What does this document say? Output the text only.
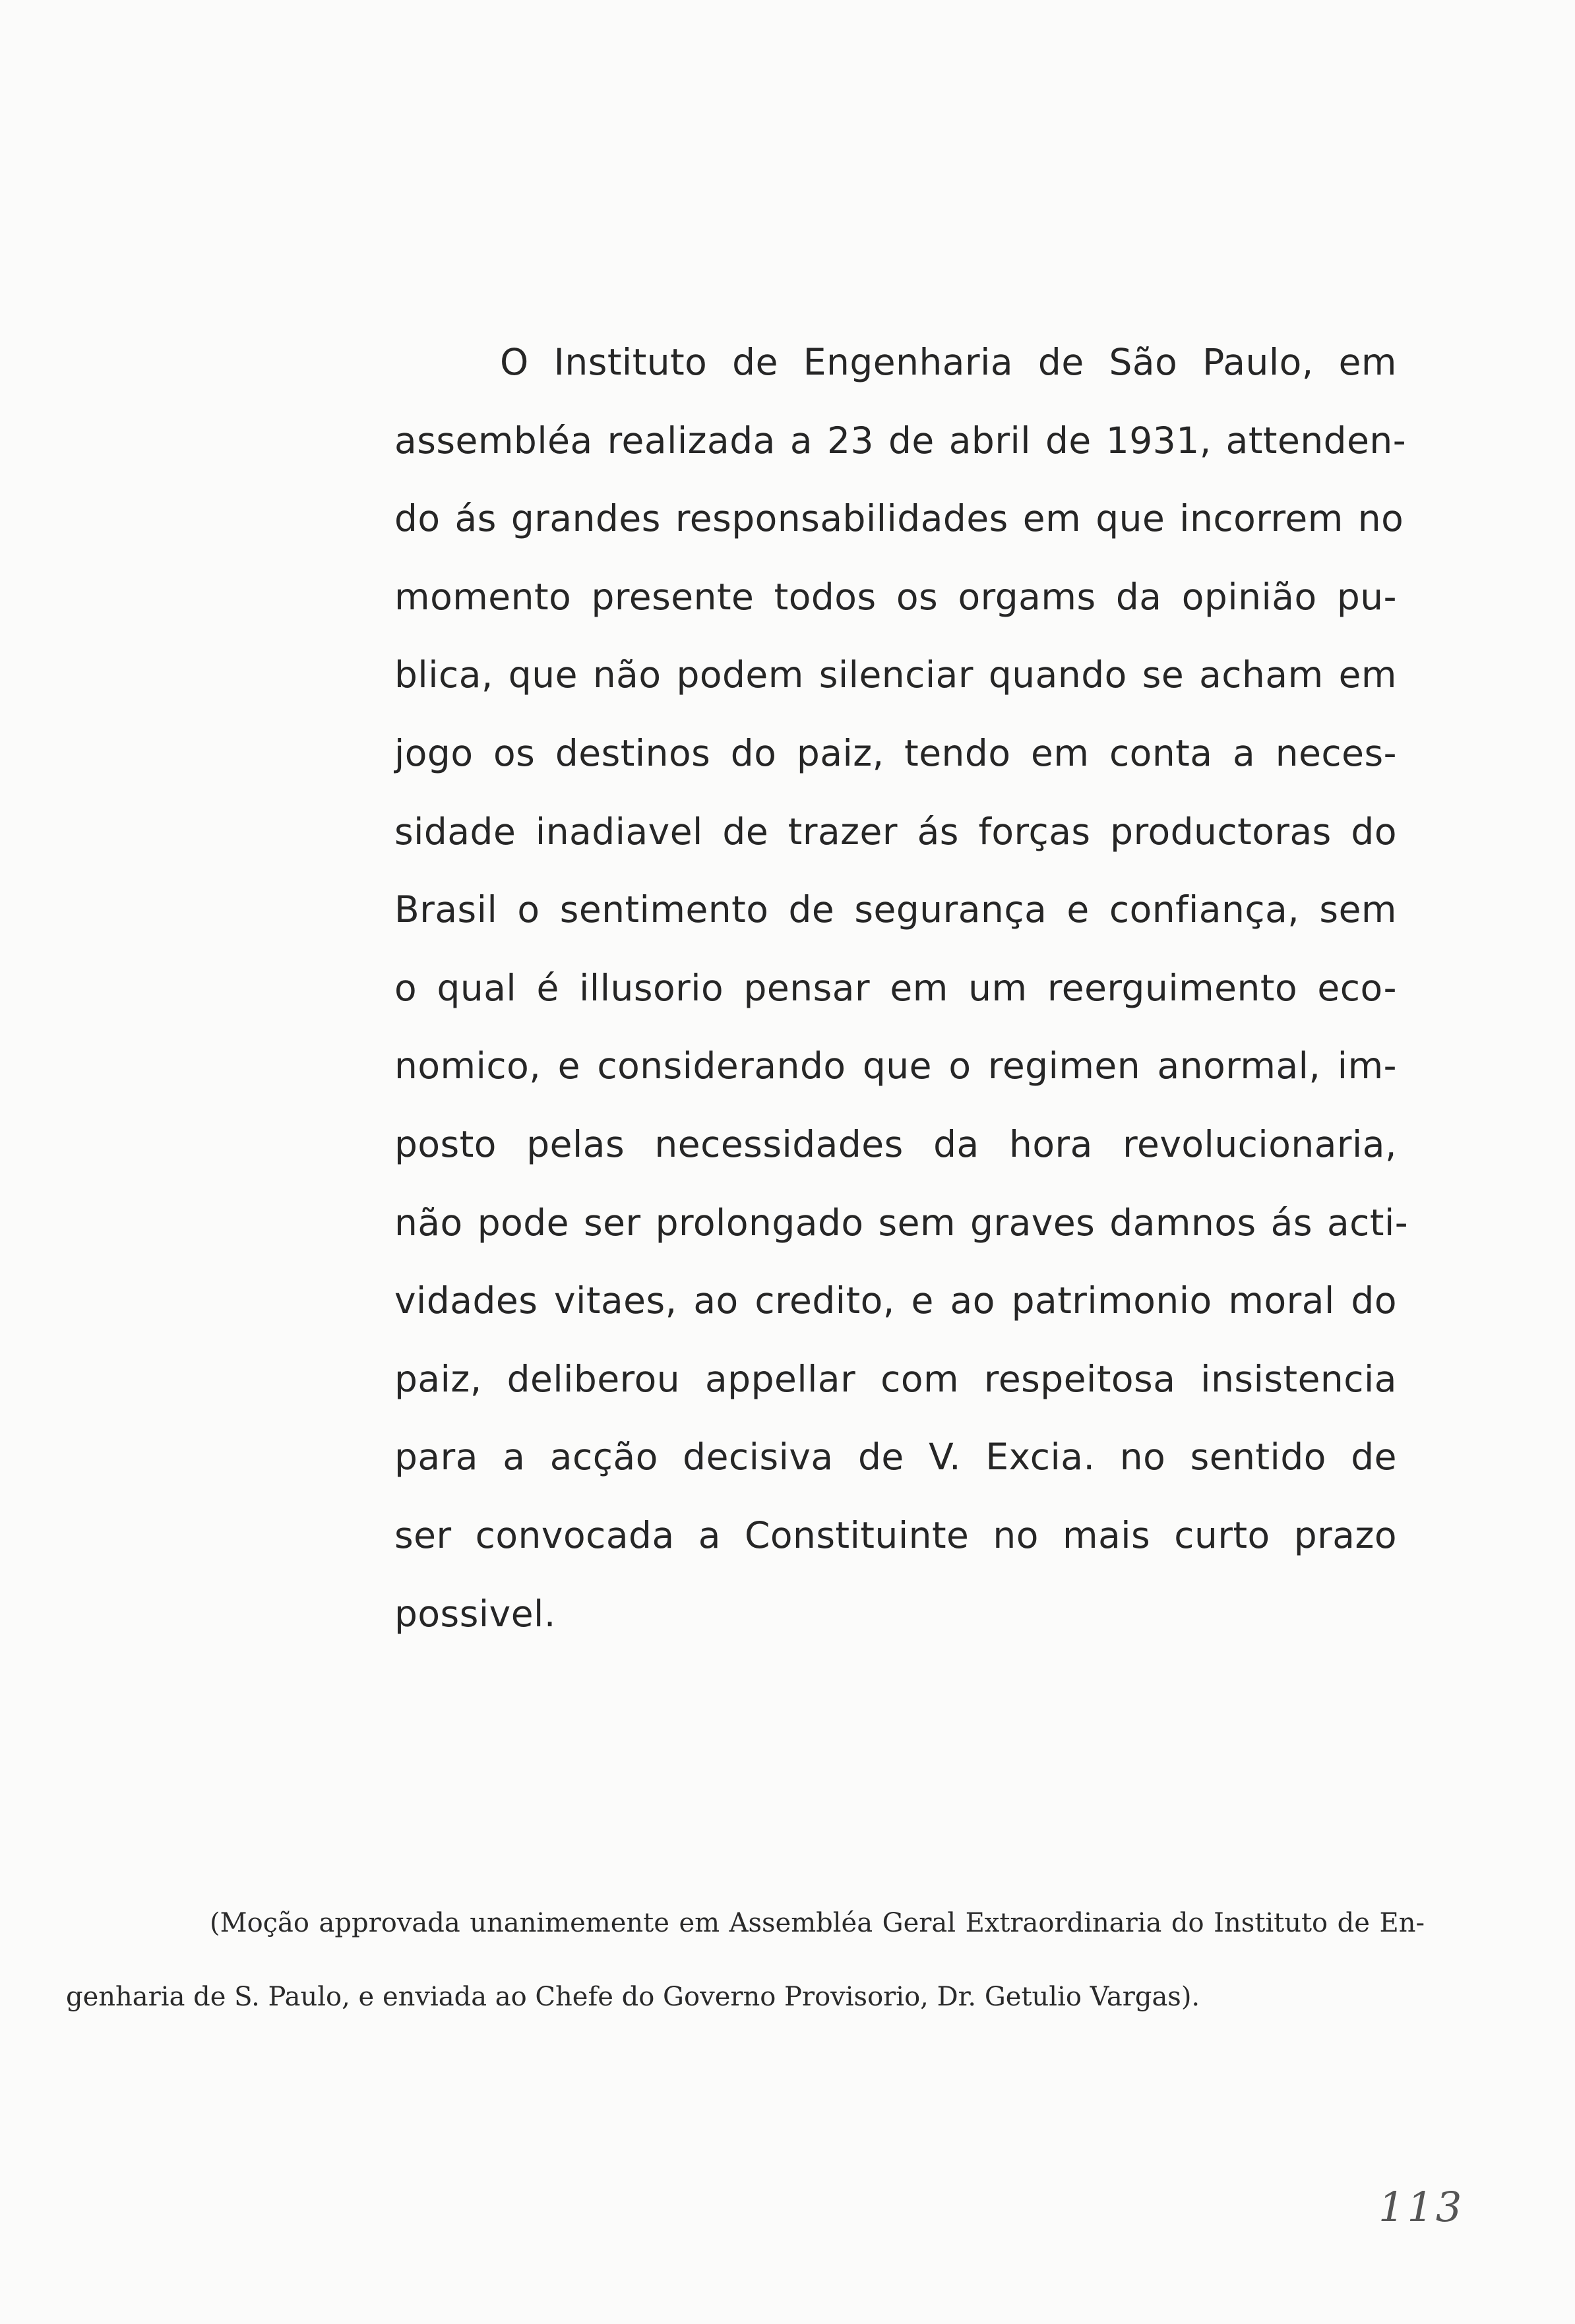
O Instituto de Engenharia de São Paulo, em
assembléa realizada a 23 de abril de 1931, attenden-
do ás grandes responsabilidades em que incorrem no
momento presente todos os orgams da opinião pu-
blica, que não podem silenciar quando se acham em
jogo os destinos do paiz, tendo em conta a neces-
sidade inadiavel de trazer ás forças productoras do
Brasil o sentimento de segurança e confiança, sem
o qual é illusorio pensar em um reerguimento eco-
nomico, e considerando que o regimen anormal, im-
posto pelas necessidades da hora revolucionaria,
não pode ser prolongado sem graves damnos ás acti-
vidades vitaes, ao credito, e ao patrimonio moral do
paiz, deliberou appellar com respeitosa insistencia
para a acção decisiva de V. Excia. no sentido de
ser convocada a Constituinte no mais curto prazo
possivel.
(Moção approvada unanimemente em Assembléa Geral Extraordinaria do Instituto de En-
genharia de S. Paulo, e enviada ao Chefe do Governo Provisorio, Dr. Getulio Vargas).
113
